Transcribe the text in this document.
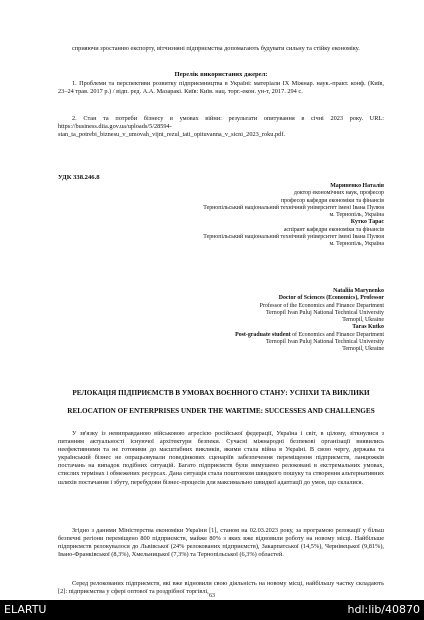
сприяючи зростанню експорту, вітчизняні підприємства допомагають будувати сильну та стійку економіку.

Перелік використаних джерел:

1. Проблеми та перспективи розвитку підприємництва в Україні: матеріали IX Міжнар. наук.-практ. конф. (Київ, 23–24 трав. 2017 р.) / відп. ред. А.А. Мазаракі. Київ: Київ. нац. торг.-екон. ун-т, 2017. 294 с.

2. Стан та потреби бізнесу в умовах війни: результати опитування в січні 2023 року. URL: https://business.diia.gov.ua/uploads/5/28594-stan_ta_potrebi_biznesu_v_umovah_vijni_rezul_tati_opituvanna_v_sicni_2023_roku.pdf.

УДК 338.246.8
Мариненко Наталія
доктор економічних наук, професор
професор кафедри економіки та фінансів
Тернопільський національний технічний університет імені Івана Пулюя
м. Тернопіль, Україна
Кутко Тарас
аспірант кафедри економіки та фінансів
Тернопільський національний технічний університет імені Івана Пулюя
м. Тернопіль, Україна
Nataliia Marynenko
Doctor of Sciences (Economics), Professor
Professor of the Economics and Finance Department
Ternopil Ivan Puluj National Technical University
Ternopil, Ukraine
Taras Kutko
Post-graduate student of Economics and Finance Department
Ternopil Ivan Puluj National Technical University
Ternopil, Ukraine
РЕЛОКАЦІЯ ПІДПРИЄМСТВ В УМОВАХ ВОЄННОГО СТАНУ: УСПІХИ ТА ВИКЛИКИ
RELOCATION OF ENTERPRISES UNDER THE WARTIME: SUCCESSES AND CHALLENGES

У зв'язку із невиправданою військовою агресією російської федерації, Україна і світ, в цілому, зіткнулися з питанням актуальності існуючої архітектури безпеки. Сучасні міжнародні безпекові організації виявились неефективними та не готовими до масштабних викликів, якими стала війна в Україні. В свою чергу, держава та український бізнес не опрацьовували поведінкових сценаріїв забезпечення переміщення підприємств, ланцюжків постачань на випадок подібних ситуацій. Багато підприємств були вимушено релоковані в екстремальних умовах, стислих термінах і обмежених ресурсах. Дана ситуація стала поштовхом швидкого пошуку та створення альтернативних шляхів постачання і збуту, перебудови бізнес-процесів для максимально швидкої адаптації до умов, що склалися.

Згідно з даними Міністерства економіки України [1], станом на 02.03.2023 року, за програмою релокації у більш безпечні регіони переміщено 800 підприємств, майже 80% з яких вже відновили роботу на новому місці. Найбільше підприємств релокувалося до Львівської (24% релокованих підприємств), Закарпатської (14,5%), Чернівецької (9,81%), Івано-Франківської (8,3%), Хмельницької (7,3%) та Тернопільської (6,3%) областей.

Серед релокованих підприємств, які вже відновили свою діяльність на новому місці, найбільшу частку складають [2]: підприємства у сфері оптової та роздрібної торгівлі,

63
ELARTU	hdl:lib/40870
